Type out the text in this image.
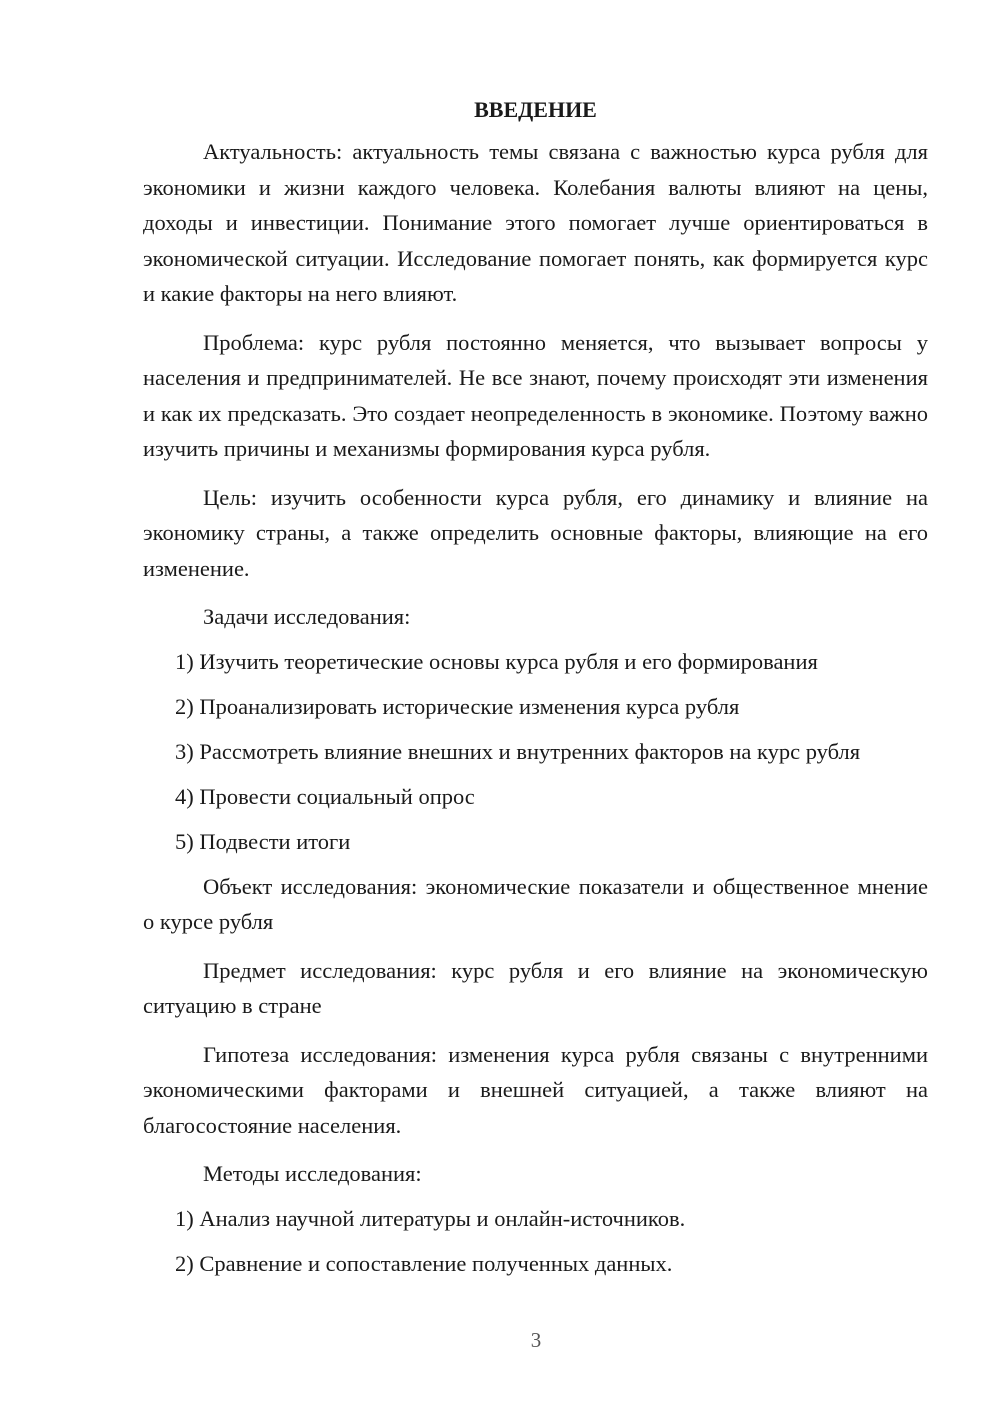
ВВЕДЕНИЕ

Актуальность: актуальность темы связана с важностью курса рубля для экономики и жизни каждого человека. Колебания валюты влияют на цены, доходы и инвестиции. Понимание этого помогает лучше ориентироваться в экономической ситуации. Исследование помогает понять, как формируется курс и какие факторы на него влияют.

Проблема: курс рубля постоянно меняется, что вызывает вопросы у населения и предпринимателей. Не все знают, почему происходят эти изменения и как их предсказать. Это создает неопределенность в экономике. Поэтому важно изучить причины и механизмы формирования курса рубля.

Цель: изучить особенности курса рубля, его динамику и влияние на экономику страны, а также определить основные факторы, влияющие на его изменение.

Задачи исследования:

1) Изучить теоретические основы курса рубля и его формирования

2) Проанализировать исторические изменения курса рубля

3) Рассмотреть влияние внешних и внутренних факторов на курс рубля

4) Провести социальный опрос

5) Подвести итоги

Объект исследования: экономические показатели и общественное мнение о курсе рубля

Предмет исследования: курс рубля и его влияние на экономическую ситуацию в стране

Гипотеза исследования: изменения курса рубля связаны с внутренними экономическими факторами и внешней ситуацией, а также влияют на благосостояние населения.

Методы исследования:

1) Анализ научной литературы и онлайн-источников.

2) Сравнение и сопоставление полученных данных.

3
